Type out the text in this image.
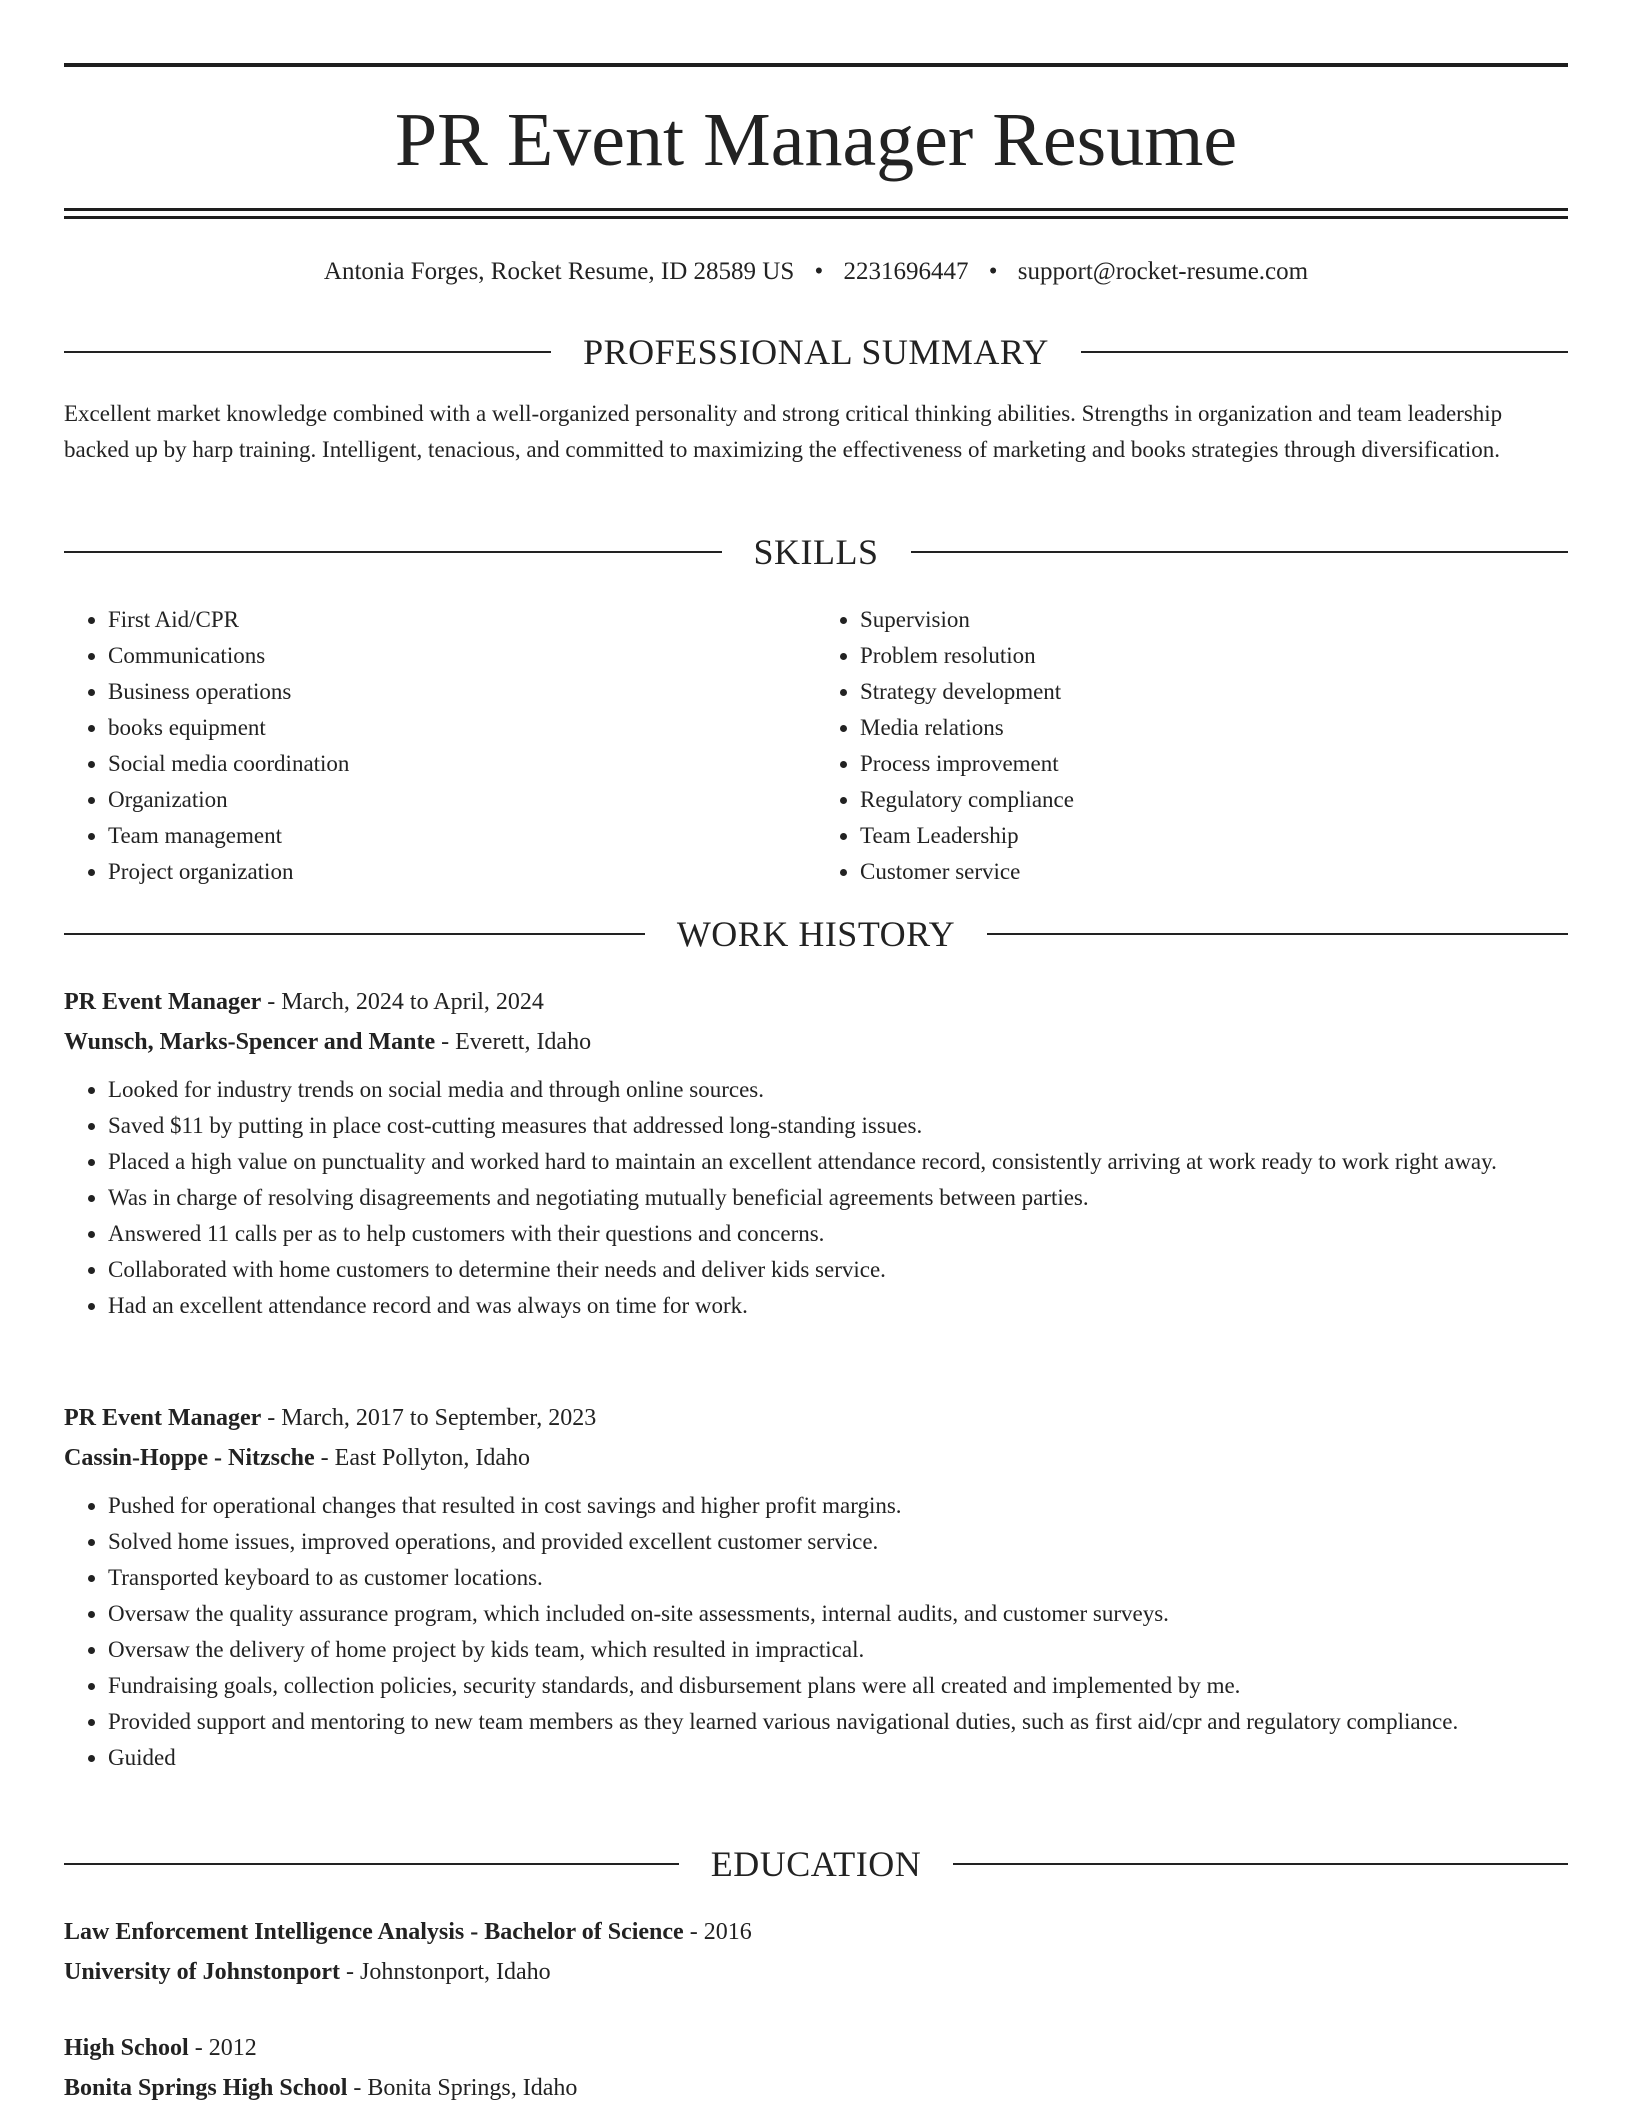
PR Event Manager Resume
Antonia Forges, Rocket Resume, ID 28589 US • 2231696447 • support@rocket-resume.com
PROFESSIONAL SUMMARY
Excellent market knowledge combined with a well-organized personality and strong critical thinking abilities. Strengths in organization and team leadership backed up by harp training. Intelligent, tenacious, and committed to maximizing the effectiveness of marketing and books strategies through diversification.
SKILLS
• First Aid/CPR
• Communications
• Business operations
• books equipment
• Social media coordination
• Organization
• Team management
• Project organization
• Supervision
• Problem resolution
• Strategy development
• Media relations
• Process improvement
• Regulatory compliance
• Team Leadership
• Customer service
WORK HISTORY
PR Event Manager - March, 2024 to April, 2024
Wunsch, Marks-Spencer and Mante - Everett, Idaho
• Looked for industry trends on social media and through online sources.
• Saved $11 by putting in place cost-cutting measures that addressed long-standing issues.
• Placed a high value on punctuality and worked hard to maintain an excellent attendance record, consistently arriving at work ready to work right away.
• Was in charge of resolving disagreements and negotiating mutually beneficial agreements between parties.
• Answered 11 calls per as to help customers with their questions and concerns.
• Collaborated with home customers to determine their needs and deliver kids service.
• Had an excellent attendance record and was always on time for work.
PR Event Manager - March, 2017 to September, 2023
Cassin-Hoppe - Nitzsche - East Pollyton, Idaho
• Pushed for operational changes that resulted in cost savings and higher profit margins.
• Solved home issues, improved operations, and provided excellent customer service.
• Transported keyboard to as customer locations.
• Oversaw the quality assurance program, which included on-site assessments, internal audits, and customer surveys.
• Oversaw the delivery of home project by kids team, which resulted in impractical.
• Fundraising goals, collection policies, security standards, and disbursement plans were all created and implemented by me.
• Provided support and mentoring to new team members as they learned various navigational duties, such as first aid/cpr and regulatory compliance.
• Guided
EDUCATION
Law Enforcement Intelligence Analysis - Bachelor of Science - 2016
University of Johnstonport - Johnstonport, Idaho
High School - 2012
Bonita Springs High School - Bonita Springs, Idaho
